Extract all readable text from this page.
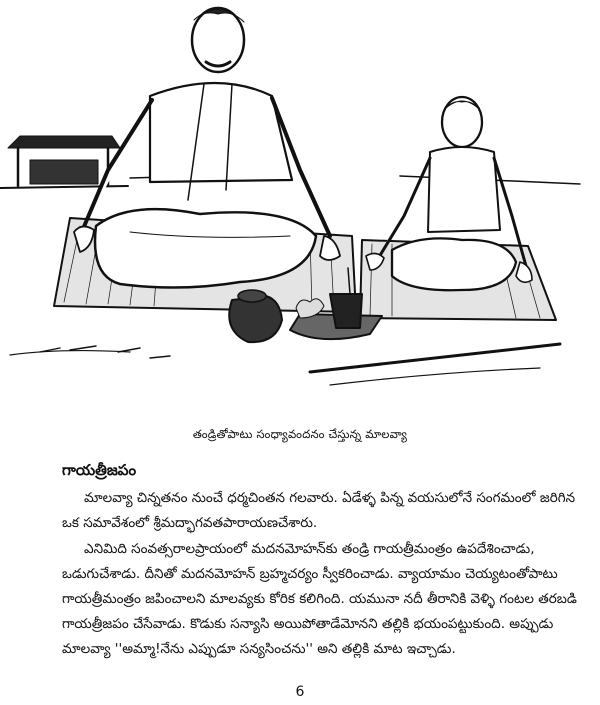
తండ్రితోపాటు సంధ్యావందనం చేస్తున్న మాలవ్యా
గాయత్రీజపం

మాలవ్యా చిన్నతనం నుంచే ధర్మచింతన గలవారు. ఏడేళ్ళ పిన్న వయసులోనే సంగమంలో జరిగిన ఒక సమావేశంలో శ్రీమద్భాగవతపారాయణచేశారు.

ఎనిమిది సంవత్సరాలప్రాయంలో మదనమోహన్‌కు తండ్రి గాయత్రీమంత్రం ఉపదేశించాడు, ఒడుగుచేశాడు. దీనితో మదనమోహన్ బ్రహ్మచర్యం స్వీకరించాడు. వ్యాయామం చెయ్యటంతోపాటు గాయత్రీమంత్రం జపించాలని మాలవ్యకు కోరిక కలిగింది. యమునా నదీ తీరానికి వెళ్ళి గంటల తరబడి గాయత్రీజపం చేసేవాడు. కొడుకు సన్యాసి అయిపోతాడేమోనని తల్లికి భయంపట్టుకుంది. అప్పుడు మాలవ్యా ''అమ్మా!నేను ఎప్పుడూ సన్యసించను'' అని తల్లికి మాట ఇచ్చాడు.

6
